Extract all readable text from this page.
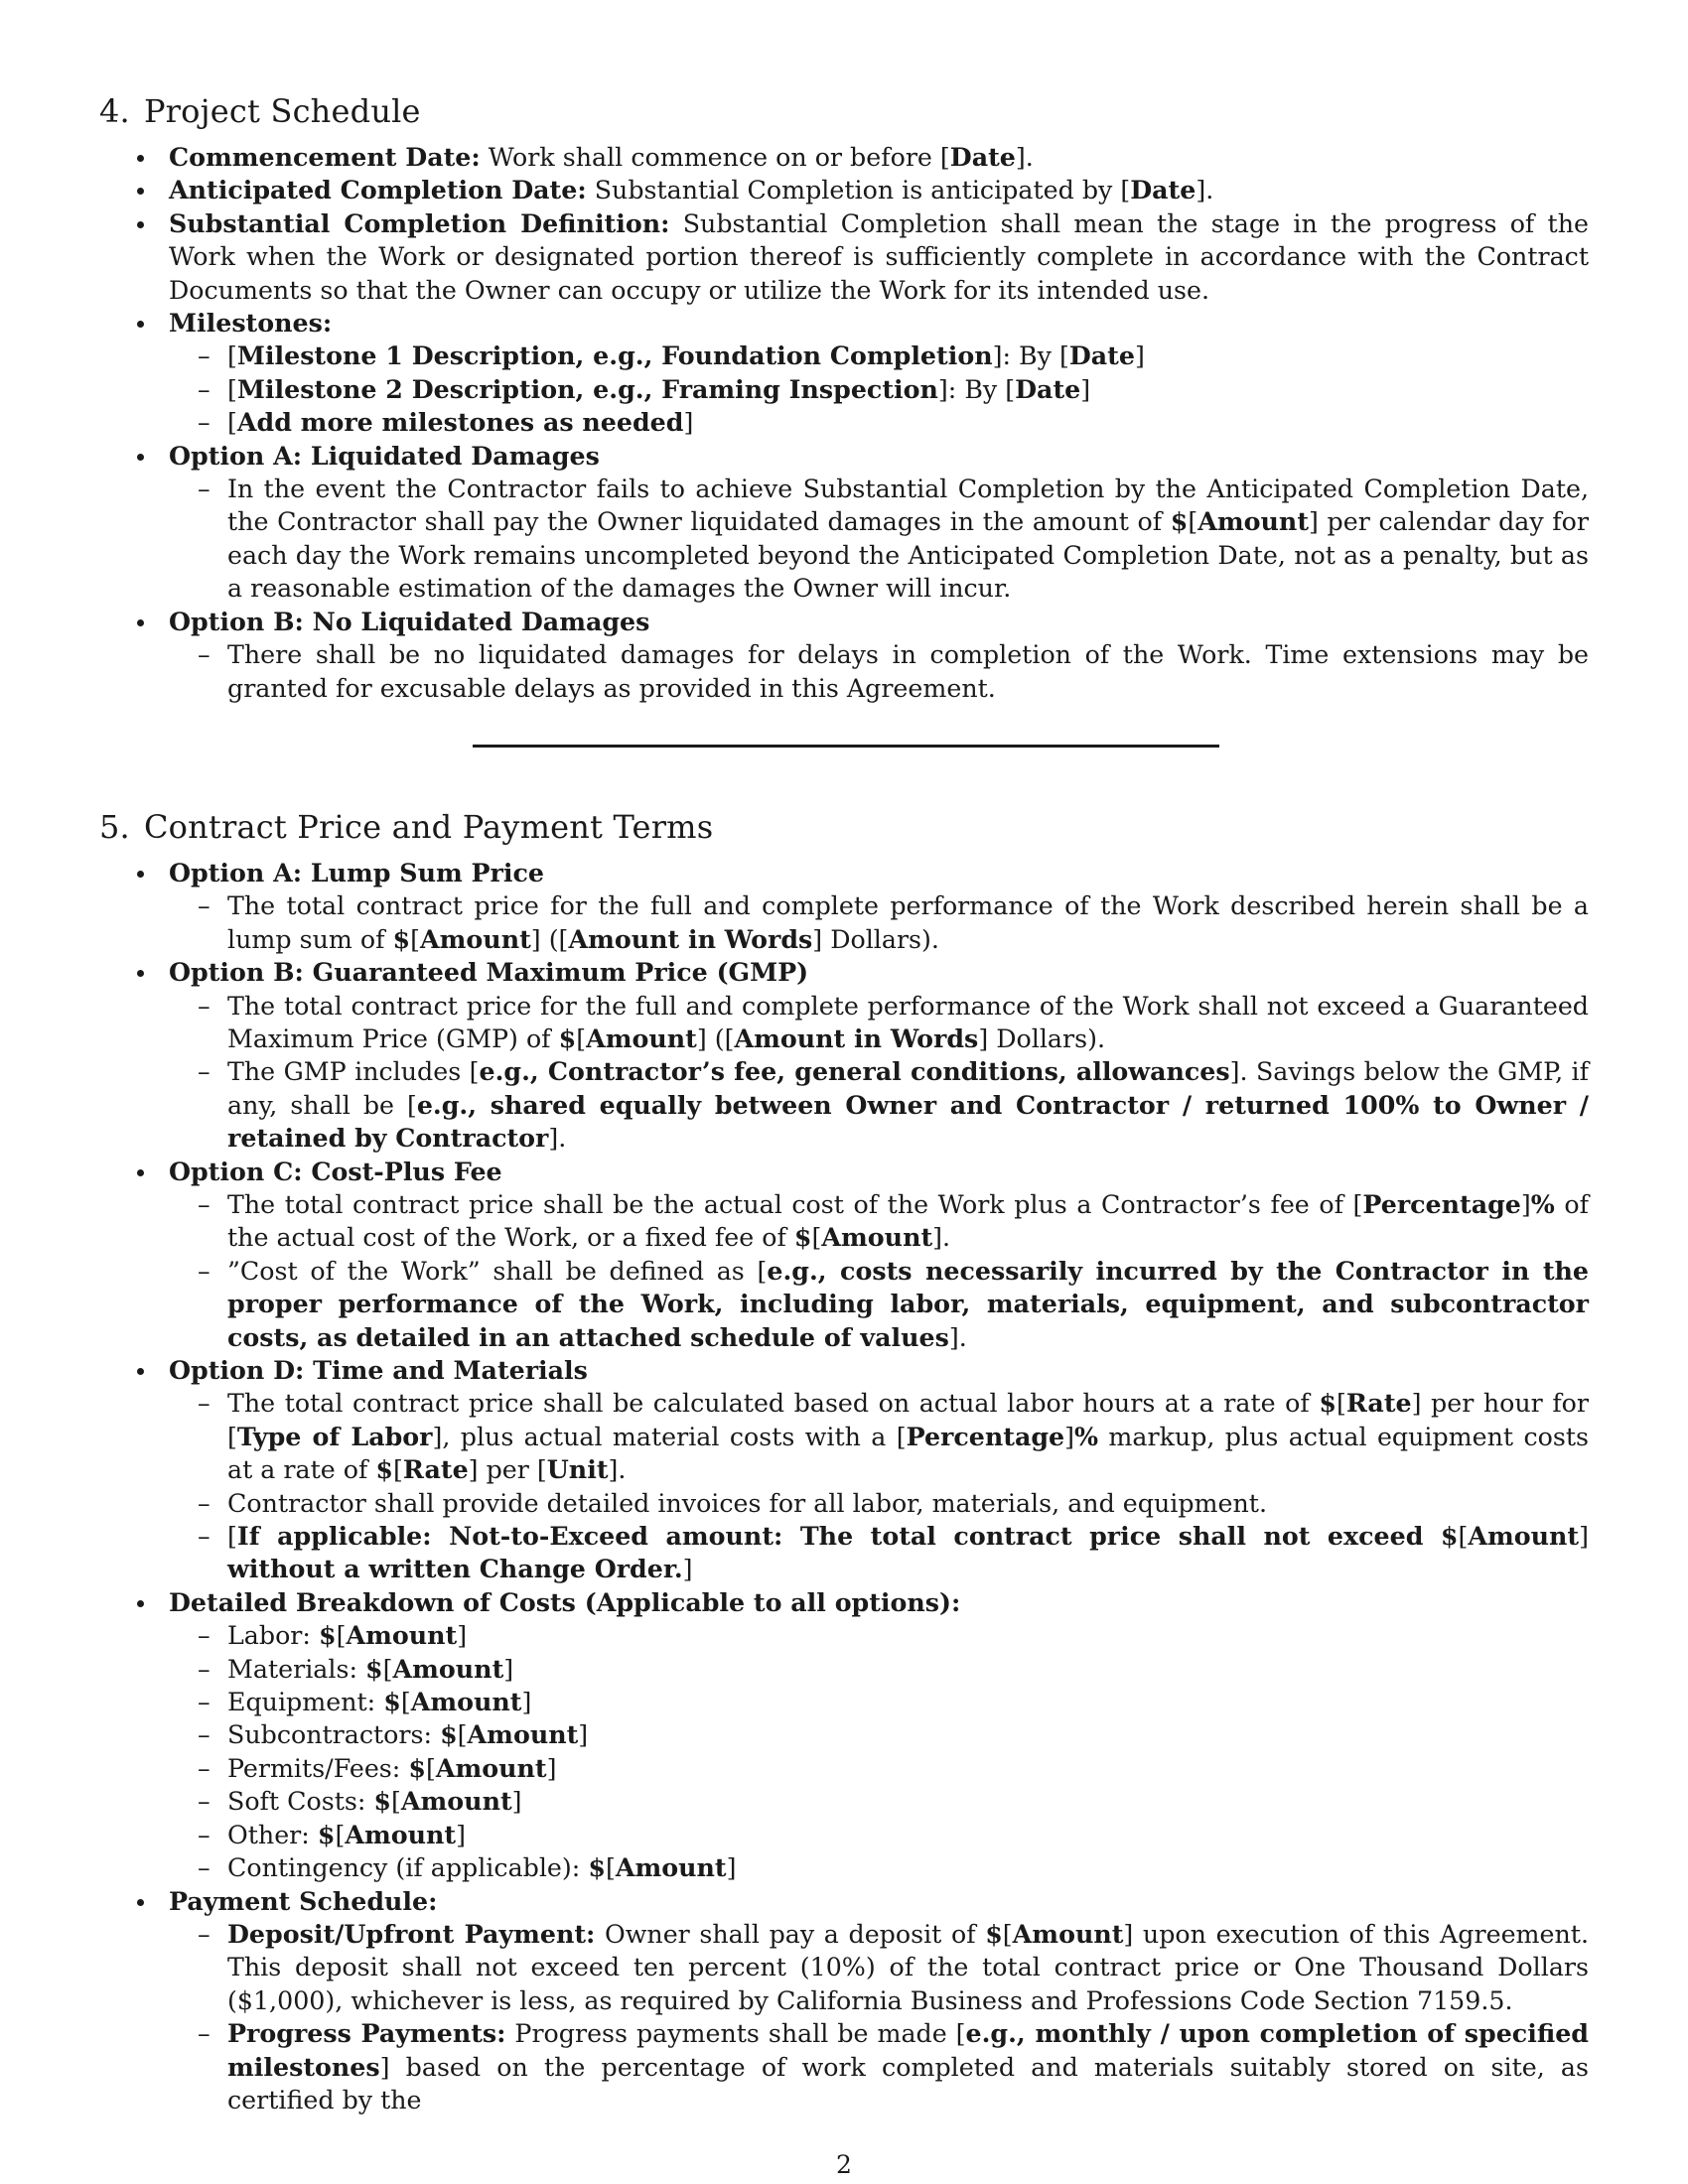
4. Project Schedule
Commencement Date: Work shall commence on or before [Date].
Anticipated Completion Date: Substantial Completion is anticipated by [Date].
Substantial Completion Definition: Substantial Completion shall mean the stage in the progress of the Work when the Work or designated portion thereof is sufficiently complete in accordance with the Contract Documents so that the Owner can occupy or utilize the Work for its intended use.
Milestones:
– [Milestone 1 Description, e.g., Foundation Completion]: By [Date]
– [Milestone 2 Description, e.g., Framing Inspection]: By [Date]
– [Add more milestones as needed]
Option A: Liquidated Damages
– In the event the Contractor fails to achieve Substantial Completion by the Anticipated Completion Date, the Contractor shall pay the Owner liquidated damages in the amount of $[Amount] per calendar day for each day the Work remains uncompleted beyond the Anticipated Completion Date, not as a penalty, but as a reasonable estimation of the damages the Owner will incur.
Option B: No Liquidated Damages
– There shall be no liquidated damages for delays in completion of the Work. Time extensions may be granted for excusable delays as provided in this Agreement.
5. Contract Price and Payment Terms
Option A: Lump Sum Price
– The total contract price for the full and complete performance of the Work described herein shall be a lump sum of $[Amount] ([Amount in Words] Dollars).
Option B: Guaranteed Maximum Price (GMP)
– The total contract price for the full and complete performance of the Work shall not exceed a Guaranteed Maximum Price (GMP) of $[Amount] ([Amount in Words] Dollars).
– The GMP includes [e.g., Contractor’s fee, general conditions, allowances]. Savings below the GMP, if any, shall be [e.g., shared equally between Owner and Contractor / returned 100% to Owner / retained by Contractor].
Option C: Cost-Plus Fee
– The total contract price shall be the actual cost of the Work plus a Contractor’s fee of [Percentage]% of the actual cost of the Work, or a fixed fee of $[Amount].
– ”Cost of the Work” shall be defined as [e.g., costs necessarily incurred by the Contractor in the proper performance of the Work, including labor, materials, equipment, and subcontractor costs, as detailed in an attached schedule of values].
Option D: Time and Materials
– The total contract price shall be calculated based on actual labor hours at a rate of $[Rate] per hour for [Type of Labor], plus actual material costs with a [Percentage]% markup, plus actual equipment costs at a rate of $[Rate] per [Unit].
– Contractor shall provide detailed invoices for all labor, materials, and equipment.
– [If applicable: Not-to-Exceed amount: The total contract price shall not exceed $[Amount] without a written Change Order.]
Detailed Breakdown of Costs (Applicable to all options):
– Labor: $[Amount]
– Materials: $[Amount]
– Equipment: $[Amount]
– Subcontractors: $[Amount]
– Permits/Fees: $[Amount]
– Soft Costs: $[Amount]
– Other: $[Amount]
– Contingency (if applicable): $[Amount]
Payment Schedule:
– Deposit/Upfront Payment: Owner shall pay a deposit of $[Amount] upon execution of this Agreement. This deposit shall not exceed ten percent (10%) of the total contract price or One Thousand Dollars ($1,000), whichever is less, as required by California Business and Professions Code Section 7159.5.
– Progress Payments: Progress payments shall be made [e.g., monthly / upon completion of specified milestones] based on the percentage of work completed and materials suitably stored on site, as certified by the
2
